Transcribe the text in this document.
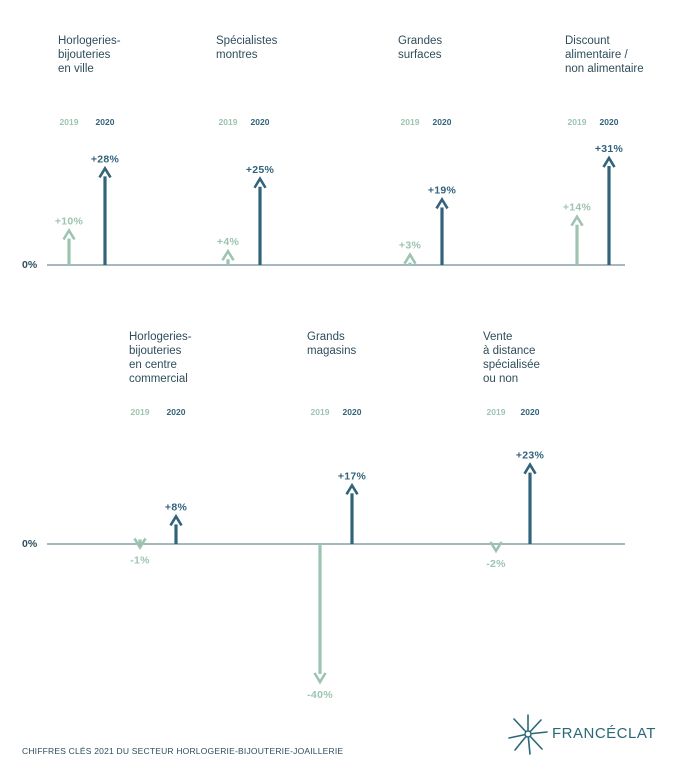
0%
Horlogeries-
bijouteries
en ville
2019
+10%
2020
+28%
Spécialistes
montres
2019
+4%
2020
+25%
Grandes
surfaces
2019
+3%
2020
+19%
Discount
alimentaire /
non alimentaire
2019
+14%
2020
+31%
0%
Horlogeries-
bijouteries
en centre
commercial
2019
-1%
2020
+8%
Grands
magasins
2019
-40%
2020
+17%
Vente
à distance
spécialisée
ou non
2019
-2%
2020
+23%
CHIFFRES CLÉS 2021 DU SECTEUR HORLOGERIE-BIJOUTERIE-JOAILLERIE
FRANCÉCLAT
